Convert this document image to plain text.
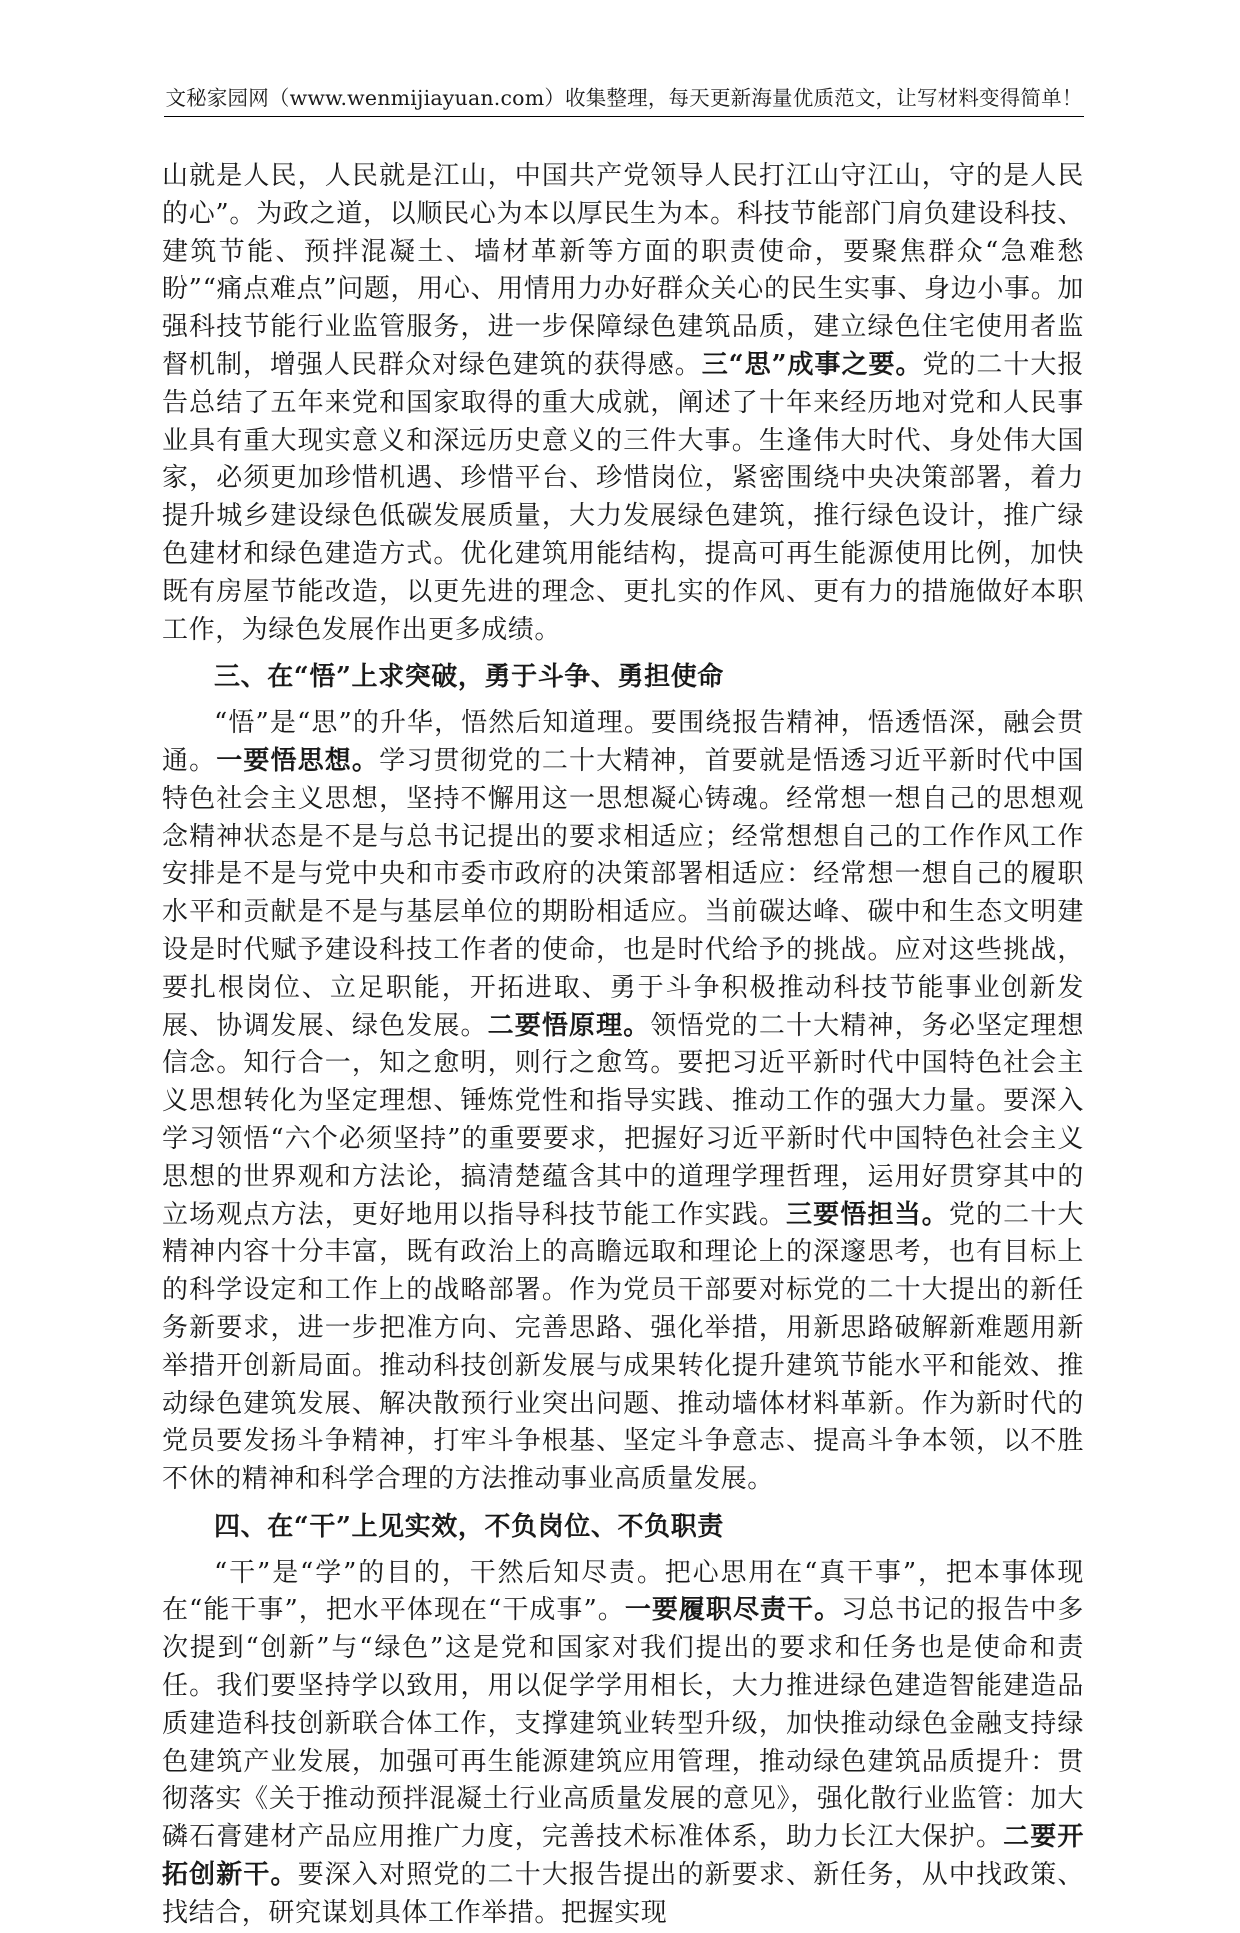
文秘家园网（www.wenmijiayuan.com）收集整理，每天更新海量优质范文，让写材料变得简单！

山就是人民，人民就是江山，中国共产党领导人民打江山守江山，守的是人民的心”。为政之道，以顺民心为本以厚民生为本。科技节能部门肩负建设科技、建筑节能、预拌混凝土、墙材革新等方面的职责使命，要聚焦群众“急难愁盼”“痛点难点”问题，用心、用情用力办好群众关心的民生实事、身边小事。加强科技节能行业监管服务，进一步保障绿色建筑品质，建立绿色住宅使用者监督机制，增强人民群众对绿色建筑的获得感。三“思”成事之要。党的二十大报告总结了五年来党和国家取得的重大成就，阐述了十年来经历地对党和人民事业具有重大现实意义和深远历史意义的三件大事。生逢伟大时代、身处伟大国家，必须更加珍惜机遇、珍惜平台、珍惜岗位，紧密围绕中央决策部署，着力提升城乡建设绿色低碳发展质量，大力发展绿色建筑，推行绿色设计，推广绿色建材和绿色建造方式。优化建筑用能结构，提高可再生能源使用比例，加快既有房屋节能改造，以更先进的理念、更扎实的作风、更有力的措施做好本职工作，为绿色发展作出更多成绩。

三、在“悟”上求突破，勇于斗争、勇担使命

“悟”是“思”的升华，悟然后知道理。要围绕报告精神，悟透悟深，融会贯通。一要悟思想。学习贯彻党的二十大精神，首要就是悟透习近平新时代中国特色社会主义思想，坚持不懈用这一思想凝心铸魂。经常想一想自己的思想观念精神状态是不是与总书记提出的要求相适应；经常想想自己的工作作风工作安排是不是与党中央和市委市政府的决策部署相适应：经常想一想自己的履职水平和贡献是不是与基层单位的期盼相适应。当前碳达峰、碳中和生态文明建设是时代赋予建设科技工作者的使命，也是时代给予的挑战。应对这些挑战，要扎根岗位、立足职能，开拓进取、勇于斗争积极推动科技节能事业创新发展、协调发展、绿色发展。二要悟原理。领悟党的二十大精神，务必坚定理想信念。知行合一，知之愈明，则行之愈笃。要把习近平新时代中国特色社会主义思想转化为坚定理想、锤炼党性和指导实践、推动工作的强大力量。要深入学习领悟“六个必须坚持”的重要要求，把握好习近平新时代中国特色社会主义思想的世界观和方法论，搞清楚蕴含其中的道理学理哲理，运用好贯穿其中的立场观点方法，更好地用以指导科技节能工作实践。三要悟担当。党的二十大精神内容十分丰富，既有政治上的高瞻远取和理论上的深邃思考，也有目标上的科学设定和工作上的战略部署。作为党员干部要对标党的二十大提出的新任务新要求，进一步把准方向、完善思路、强化举措，用新思路破解新难题用新举措开创新局面。推动科技创新发展与成果转化提升建筑节能水平和能效、推动绿色建筑发展、解决散预行业突出问题、推动墙体材料革新。作为新时代的党员要发扬斗争精神，打牢斗争根基、坚定斗争意志、提高斗争本领，以不胜不休的精神和科学合理的方法推动事业高质量发展。

四、在“干”上见实效，不负岗位、不负职责

“干”是“学”的目的，干然后知尽责。把心思用在“真干事”，把本事体现在“能干事”，把水平体现在“干成事”。一要履职尽责干。习总书记的报告中多次提到“创新”与“绿色”这是党和国家对我们提出的要求和任务也是使命和责任。我们要坚持学以致用，用以促学学用相长，大力推进绿色建造智能建造品质建造科技创新联合体工作，支撑建筑业转型升级，加快推动绿色金融支持绿色建筑产业发展，加强可再生能源建筑应用管理，推动绿色建筑品质提升：贯彻落实《关于推动预拌混凝土行业高质量发展的意见》，强化散行业监管：加大磷石膏建材产品应用推广力度，完善技术标准体系，助力长江大保护。二要开拓创新干。要深入对照党的二十大报告提出的新要求、新任务，从中找政策、找结合，研究谋划具体工作举措。把握实现
